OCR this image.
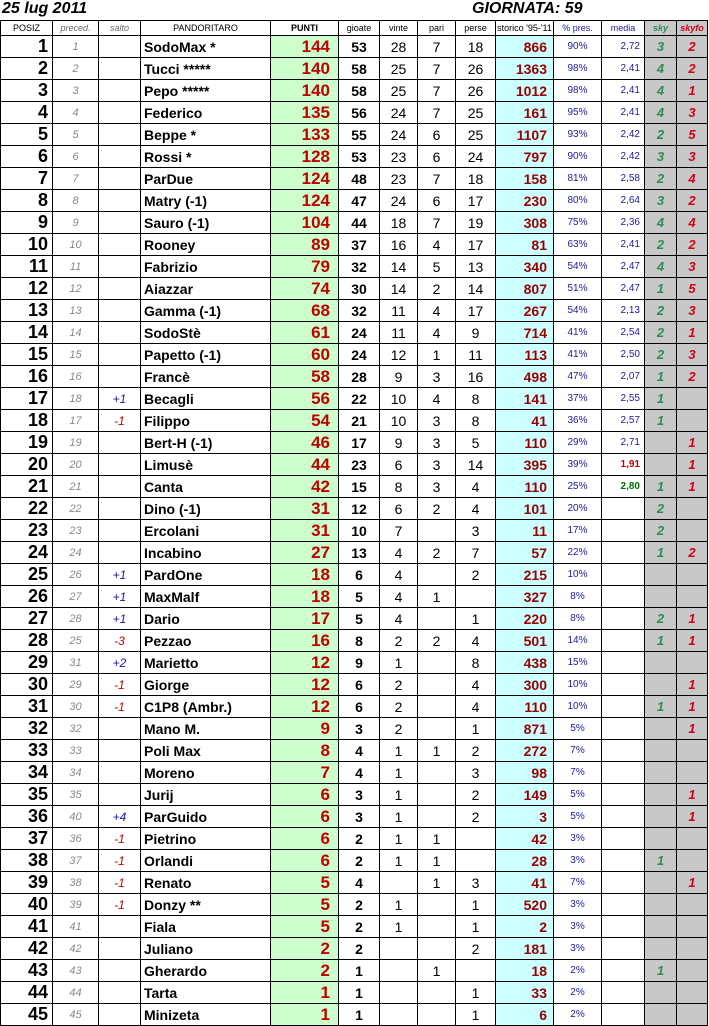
25 lug 2011	GIORNATA: 59
POSIZ	preced.	salto	PANDORITARO	PUNTI	gioate	vinte	pari	perse	storico '95-'11	% pres.	media	sky	skyfo
1	1		SodoMax *	144	53	28	7	18	866	90%	2,72	3	2
2	2		Tucci *****	140	58	25	7	26	1363	98%	2,41	4	2
3	3		Pepo *****	140	58	25	7	26	1012	98%	2,41	4	1
4	4		Federico	135	56	24	7	25	161	95%	2,41	4	3
5	5		Beppe *	133	55	24	6	25	1107	93%	2,42	2	5
6	6		Rossi *	128	53	23	6	24	797	90%	2,42	3	3
7	7		ParDue	124	48	23	7	18	158	81%	2,58	2	4
8	8		Matry (-1)	124	47	24	6	17	230	80%	2,64	3	2
9	9		Sauro (-1)	104	44	18	7	19	308	75%	2,36	4	4
10	10		Rooney	89	37	16	4	17	81	63%	2,41	2	2
11	11		Fabrizio	79	32	14	5	13	340	54%	2,47	4	3
12	12		Aiazzar	74	30	14	2	14	807	51%	2,47	1	5
13	13		Gamma (-1)	68	32	11	4	17	267	54%	2,13	2	3
14	14		SodoStè	61	24	11	4	9	714	41%	2,54	2	1
15	15		Papetto (-1)	60	24	12	1	11	113	41%	2,50	2	3
16	16		Francè	58	28	9	3	16	498	47%	2,07	1	2
17	18	+1	Becagli	56	22	10	4	8	141	37%	2,55	1	
18	17	-1	Filippo	54	21	10	3	8	41	36%	2,57	1	
19	19		Bert-H (-1)	46	17	9	3	5	110	29%	2,71		1
20	20		Limusè	44	23	6	3	14	395	39%	1,91		1
21	21		Canta	42	15	8	3	4	110	25%	2,80	1	1
22	22		Dino (-1)	31	12	6	2	4	101	20%		2	
23	23		Ercolani	31	10	7		3	11	17%		2	
24	24		Incabino	27	13	4	2	7	57	22%		1	2
25	26	+1	PardOne	18	6	4		2	215	10%			
26	27	+1	MaxMalf	18	5	4	1		327	8%			
27	28	+1	Dario	17	5	4		1	220	8%		2	1
28	25	-3	Pezzao	16	8	2	2	4	501	14%		1	1
29	31	+2	Marietto	12	9	1		8	438	15%			
30	29	-1	Giorge	12	6	2		4	300	10%			1
31	30	-1	C1P8 (Ambr.)	12	6	2		4	110	10%		1	1
32	32		Mano M.	9	3	2		1	871	5%			1
33	33		Poli Max	8	4	1	1	2	272	7%			
34	34		Moreno	7	4	1		3	98	7%			
35	35		Jurij	6	3	1		2	149	5%			1
36	40	+4	ParGuido	6	3	1		2	3	5%			1
37	36	-1	Pietrino	6	2	1	1		42	3%			
38	37	-1	Orlandi	6	2	1	1		28	3%		1	
39	38	-1	Renato	5	4		1	3	41	7%			1
40	39	-1	Donzy **	5	2	1		1	520	3%			
41	41		Fiala	5	2	1		1	2	3%			
42	42		Juliano	2	2			2	181	3%			
43	43		Gherardo	2	1		1		18	2%		1	
44	44		Tarta	1	1			1	33	2%			
45	45		Minizeta	1	1			1	6	2%			
